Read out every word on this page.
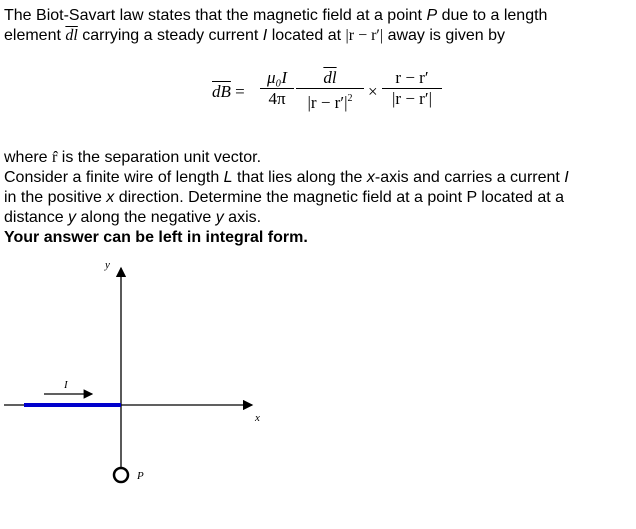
The Biot-Savart law states that the magnetic field at a point P due to a length
element $\overline{dl}$ carrying a steady current I located at |r − r′| away is given by
$\overline{dB}$ =
μ₀I
4π
$\overline{dl}$
$|r - r'|^2$ ×
r − r′
|r − r′|
where r̂ is the separation unit vector.
Consider a finite wire of length L that lies along the x-axis and carries a current I
in the positive x direction. Determine the magnetic field at a point P located at a
distance y along the negative y axis.
Your answer can be left in integral form.
y
x
I
P
